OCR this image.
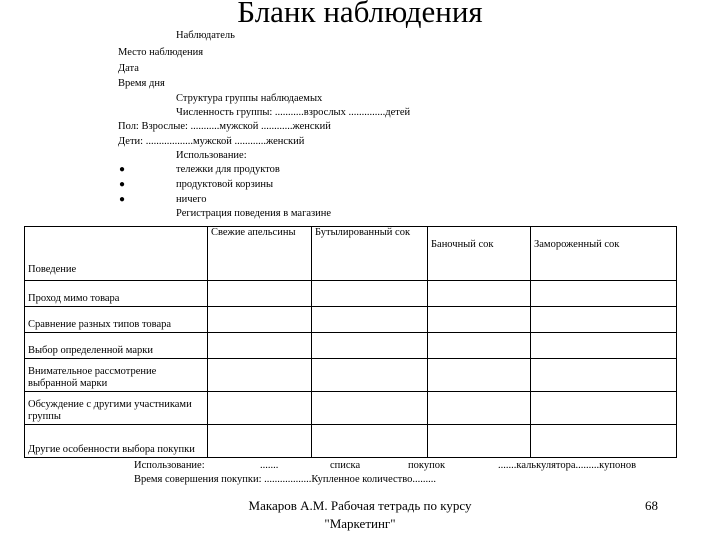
Бланк наблюдения
Наблюдатель
Место наблюдения
Дата
Время дня
Структура группы наблюдаемых
Численность группы: ...........взрослых ..............детей
Пол: Взрослые: ...........мужской ............женский
Дети: ..................мужской ............женский
Использование:
●	тележки для продуктов
●	продуктовой корзины
●	ничего
Регистрация поведения в магазине
Поведение	Свежие апельсины	Бутылированный сок	Баночный сок	Замороженный сок
Проход мимо товара				
Сравнение разных типов товара				
Выбор определенной марки				
Внимательное рассмотрение выбранной марки				
Обсуждение с другими участниками группы				
Другие особенности выбора покупки				
Использование:	.......	списка	покупок	.......калькулятора.........купонов
Время совершения покупки: ..................Купленное количество.........
Макаров А.М. Рабочая тетрадь по курсу "Маркетинг"
68
